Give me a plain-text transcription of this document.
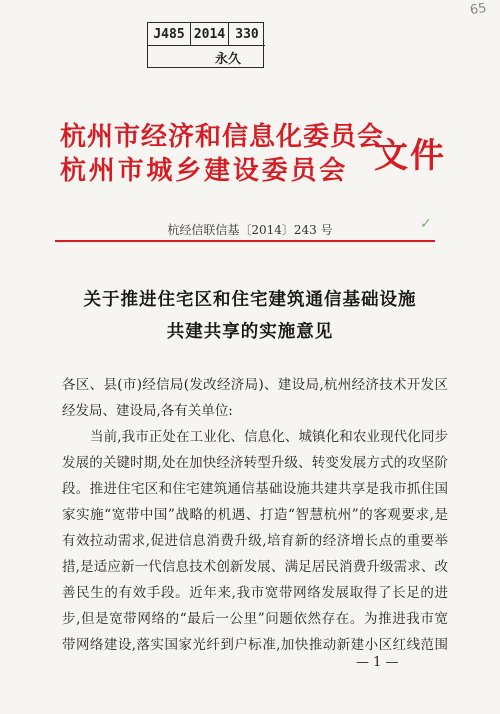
65
J485 2014 330
永久
杭州市经济和信息化委员会
杭州市城乡建设委员会 文件
杭经信联信基〔2014〕243 号	✓
关于推进住宅区和住宅建筑通信基础设施
共建共享的实施意见
各区、县(市)经信局(发改经济局)、建设局,杭州经济技术开发区
经发局、建设局,各有关单位:
当前,我市正处在工业化、信息化、城镇化和农业现代化同步
发展的关键时期,处在加快经济转型升级、转变发展方式的攻坚阶
段。推进住宅区和住宅建筑通信基础设施共建共享是我市抓住国
家实施“宽带中国”战略的机遇、打造“智慧杭州”的客观要求,是
有效拉动需求,促进信息消费升级,培育新的经济增长点的重要举
措,是适应新一代信息技术创新发展、满足居民消费升级需求、改
善民生的有效手段。近年来,我市宽带网络发展取得了长足的进
步,但是宽带网络的“最后一公里”问题依然存在。为推进我市宽
带网络建设,落实国家光纤到户标准,加快推动新建小区红线范围
— 1 —
